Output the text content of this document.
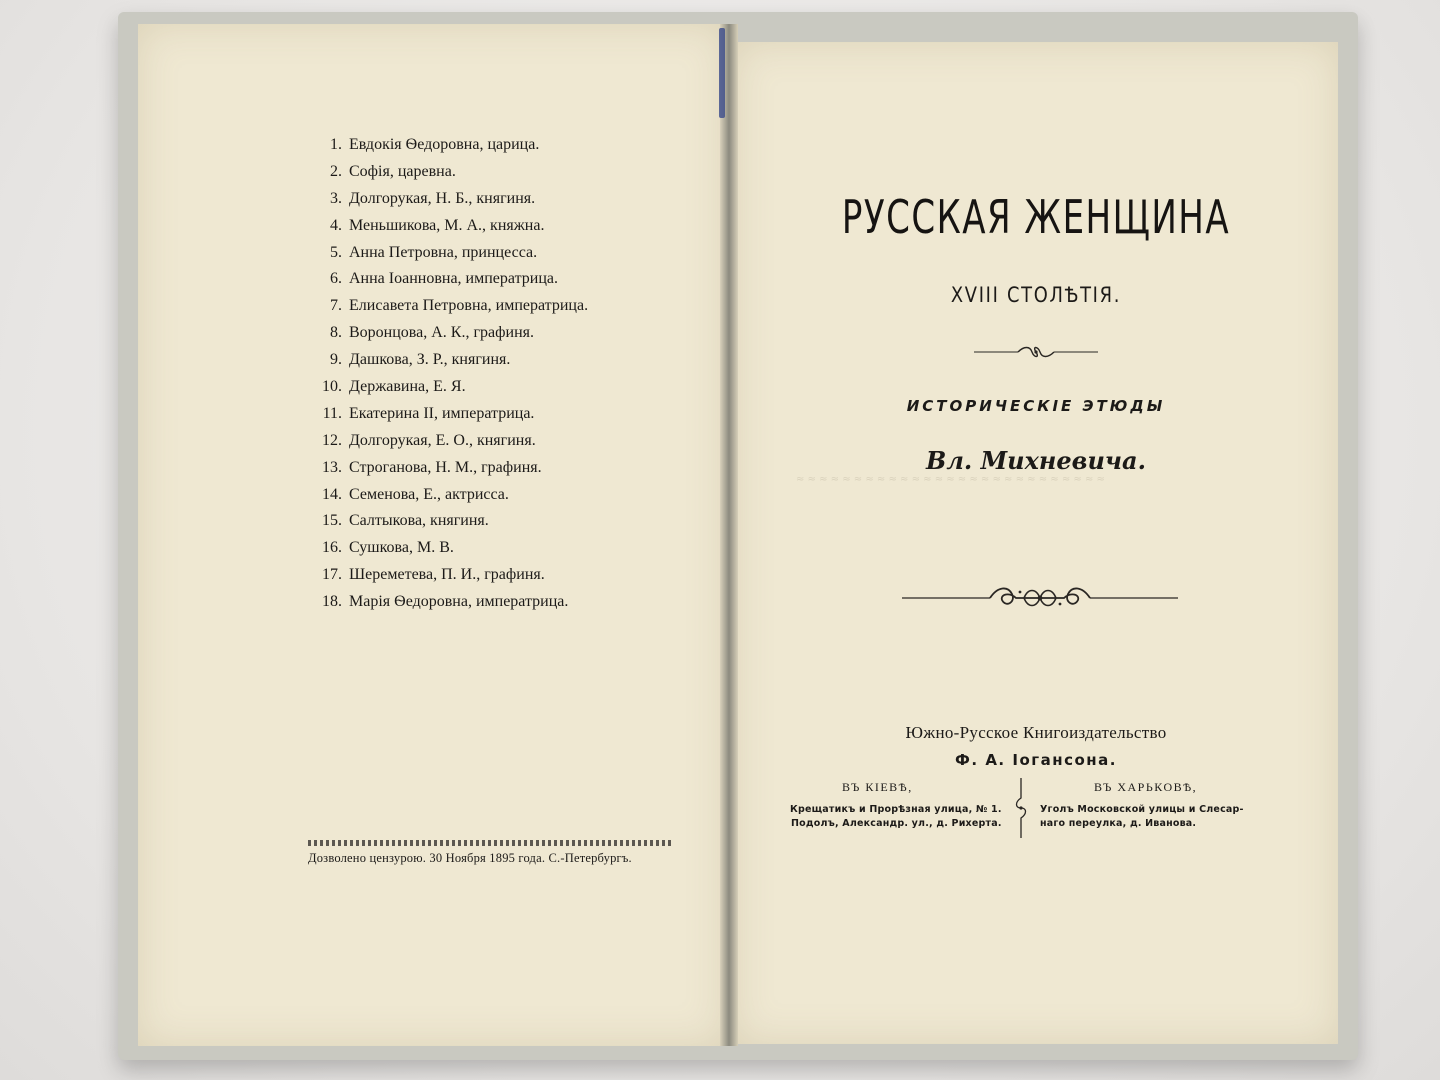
1. Евдокія Ѳедоровна, царица.
2. Софія, царевна.
3. Долгорукая, Н. Б., княгиня.
4. Меньшикова, М. А., княжна.
5. Анна Петровна, принцесса.
6. Анна Іоанновна, императрица.
7. Елисавета Петровна, императрица.
8. Воронцова, А. К., графиня.
9. Дашкова, З. Р., княгиня.
10. Державина, Е. Я.
11. Екатерина II, императрица.
12. Долгорукая, Е. О., княгиня.
13. Строганова, Н. М., графиня.
14. Семенова, Е., актрисса.
15. Салтыкова, княгиня.
16. Сушкова, М. В.
17. Шереметева, П. И., графиня.
18. Марія Ѳедоровна, императрица.
Дозволено цензурою. 30 Ноября 1895 года. С.-Петербургъ.
РУССКАЯ ЖЕНЩИНА
XVIII СТОЛѢТІЯ.
ИСТОРИЧЕСКІЕ ЭТЮДЫ
Вл. Михневича.
≈ ≈ ≈ ≈ ≈ ≈ ≈ ≈ ≈ ≈ ≈ ≈ ≈ ≈ ≈ ≈ ≈ ≈ ≈ ≈ ≈ ≈ ≈ ≈ ≈ ≈ ≈
Южно-Русское Книгоиздательство
Ф. А. Іогансона.
ВЪ КІЕВѢ,	ВЪ ХАРЬКОВѢ,
Крещатикъ и Прорѣзная улица, № 1.
Подолъ, Александр. ул., д. Рихерта.
Уголъ Московской улицы и Слесар-
наго переулка, д. Иванова.
